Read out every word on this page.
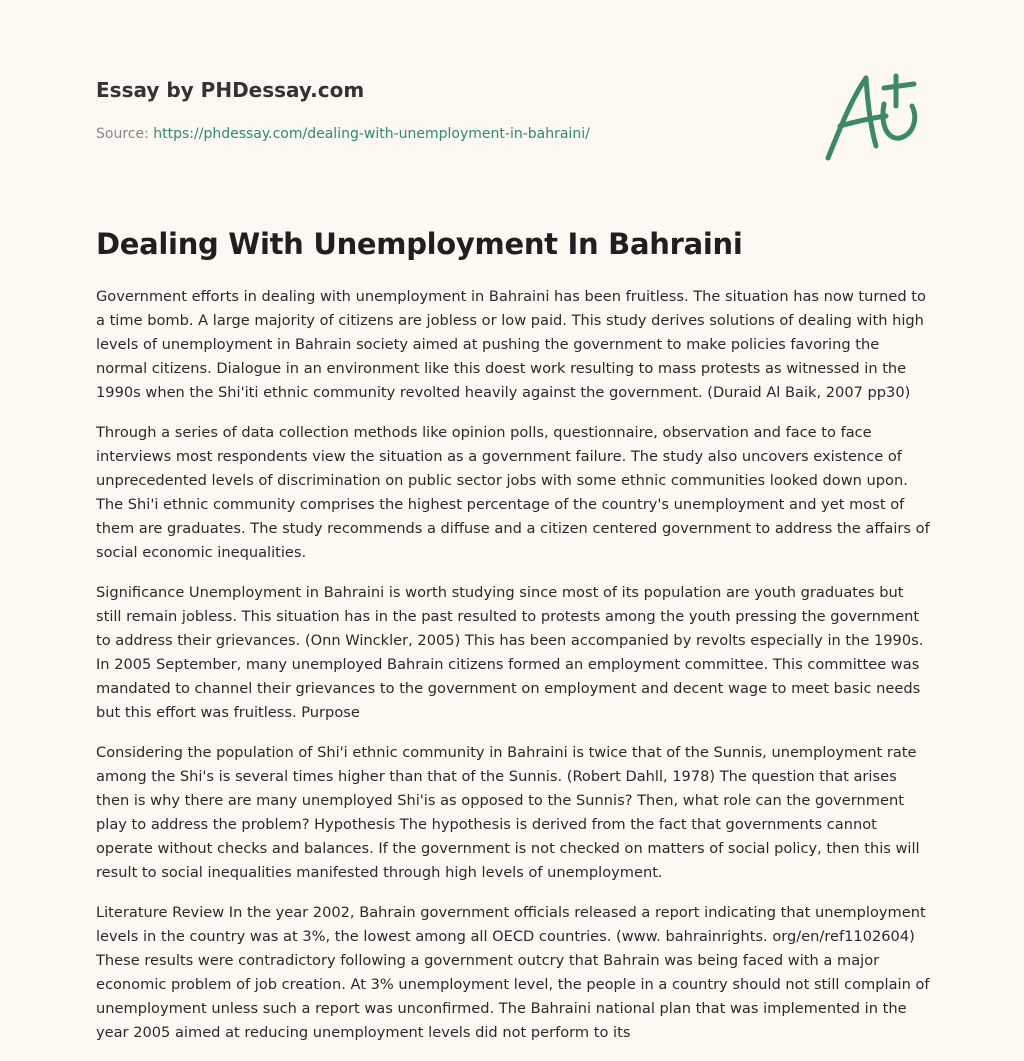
Essay by PHDessay.com
Source: https://phdessay.com/dealing-with-unemployment-in-bahraini/
Dealing With Unemployment In Bahraini

Government efforts in dealing with unemployment in Bahraini has been fruitless. The situation has now turned to a time bomb. A large majority of citizens are jobless or low paid. This study derives solutions of dealing with high levels of unemployment in Bahrain society aimed at pushing the government to make policies favoring the normal citizens. Dialogue in an environment like this doest work resulting to mass protests as witnessed in the 1990s when the Shi'iti ethnic community revolted heavily against the government. (Duraid Al Baik, 2007 pp30)

Through a series of data collection methods like opinion polls, questionnaire, observation and face to face interviews most respondents view the situation as a government failure. The study also uncovers existence of unprecedented levels of discrimination on public sector jobs with some ethnic communities looked down upon. The Shi'i ethnic community comprises the highest percentage of the country's unemployment and yet most of them are graduates. The study recommends a diffuse and a citizen centered government to address the affairs of social economic inequalities.

Significance Unemployment in Bahraini is worth studying since most of its population are youth graduates but still remain jobless. This situation has in the past resulted to protests among the youth pressing the government to address their grievances. (Onn Winckler, 2005) This has been accompanied by revolts especially in the 1990s. In 2005 September, many unemployed Bahrain citizens formed an employment committee. This committee was mandated to channel their grievances to the government on employment and decent wage to meet basic needs but this effort was fruitless. Purpose

Considering the population of Shi'i ethnic community in Bahraini is twice that of the Sunnis, unemployment rate among the Shi's is several times higher than that of the Sunnis. (Robert Dahll, 1978) The question that arises then is why there are many unemployed Shi'is as opposed to the Sunnis? Then, what role can the government play to address the problem? Hypothesis The hypothesis is derived from the fact that governments cannot operate without checks and balances. If the government is not checked on matters of social policy, then this will result to social inequalities manifested through high levels of unemployment.

Literature Review In the year 2002, Bahrain government officials released a report indicating that unemployment levels in the country was at 3%, the lowest among all OECD countries. (www. bahrainrights. org/en/ref1102604) These results were contradictory following a government outcry that Bahrain was being faced with a major economic problem of job creation. At 3% unemployment level, the people in a country should not still complain of unemployment unless such a report was unconfirmed. The Bahraini national plan that was implemented in the year 2005 aimed at reducing unemployment levels did not perform to its
